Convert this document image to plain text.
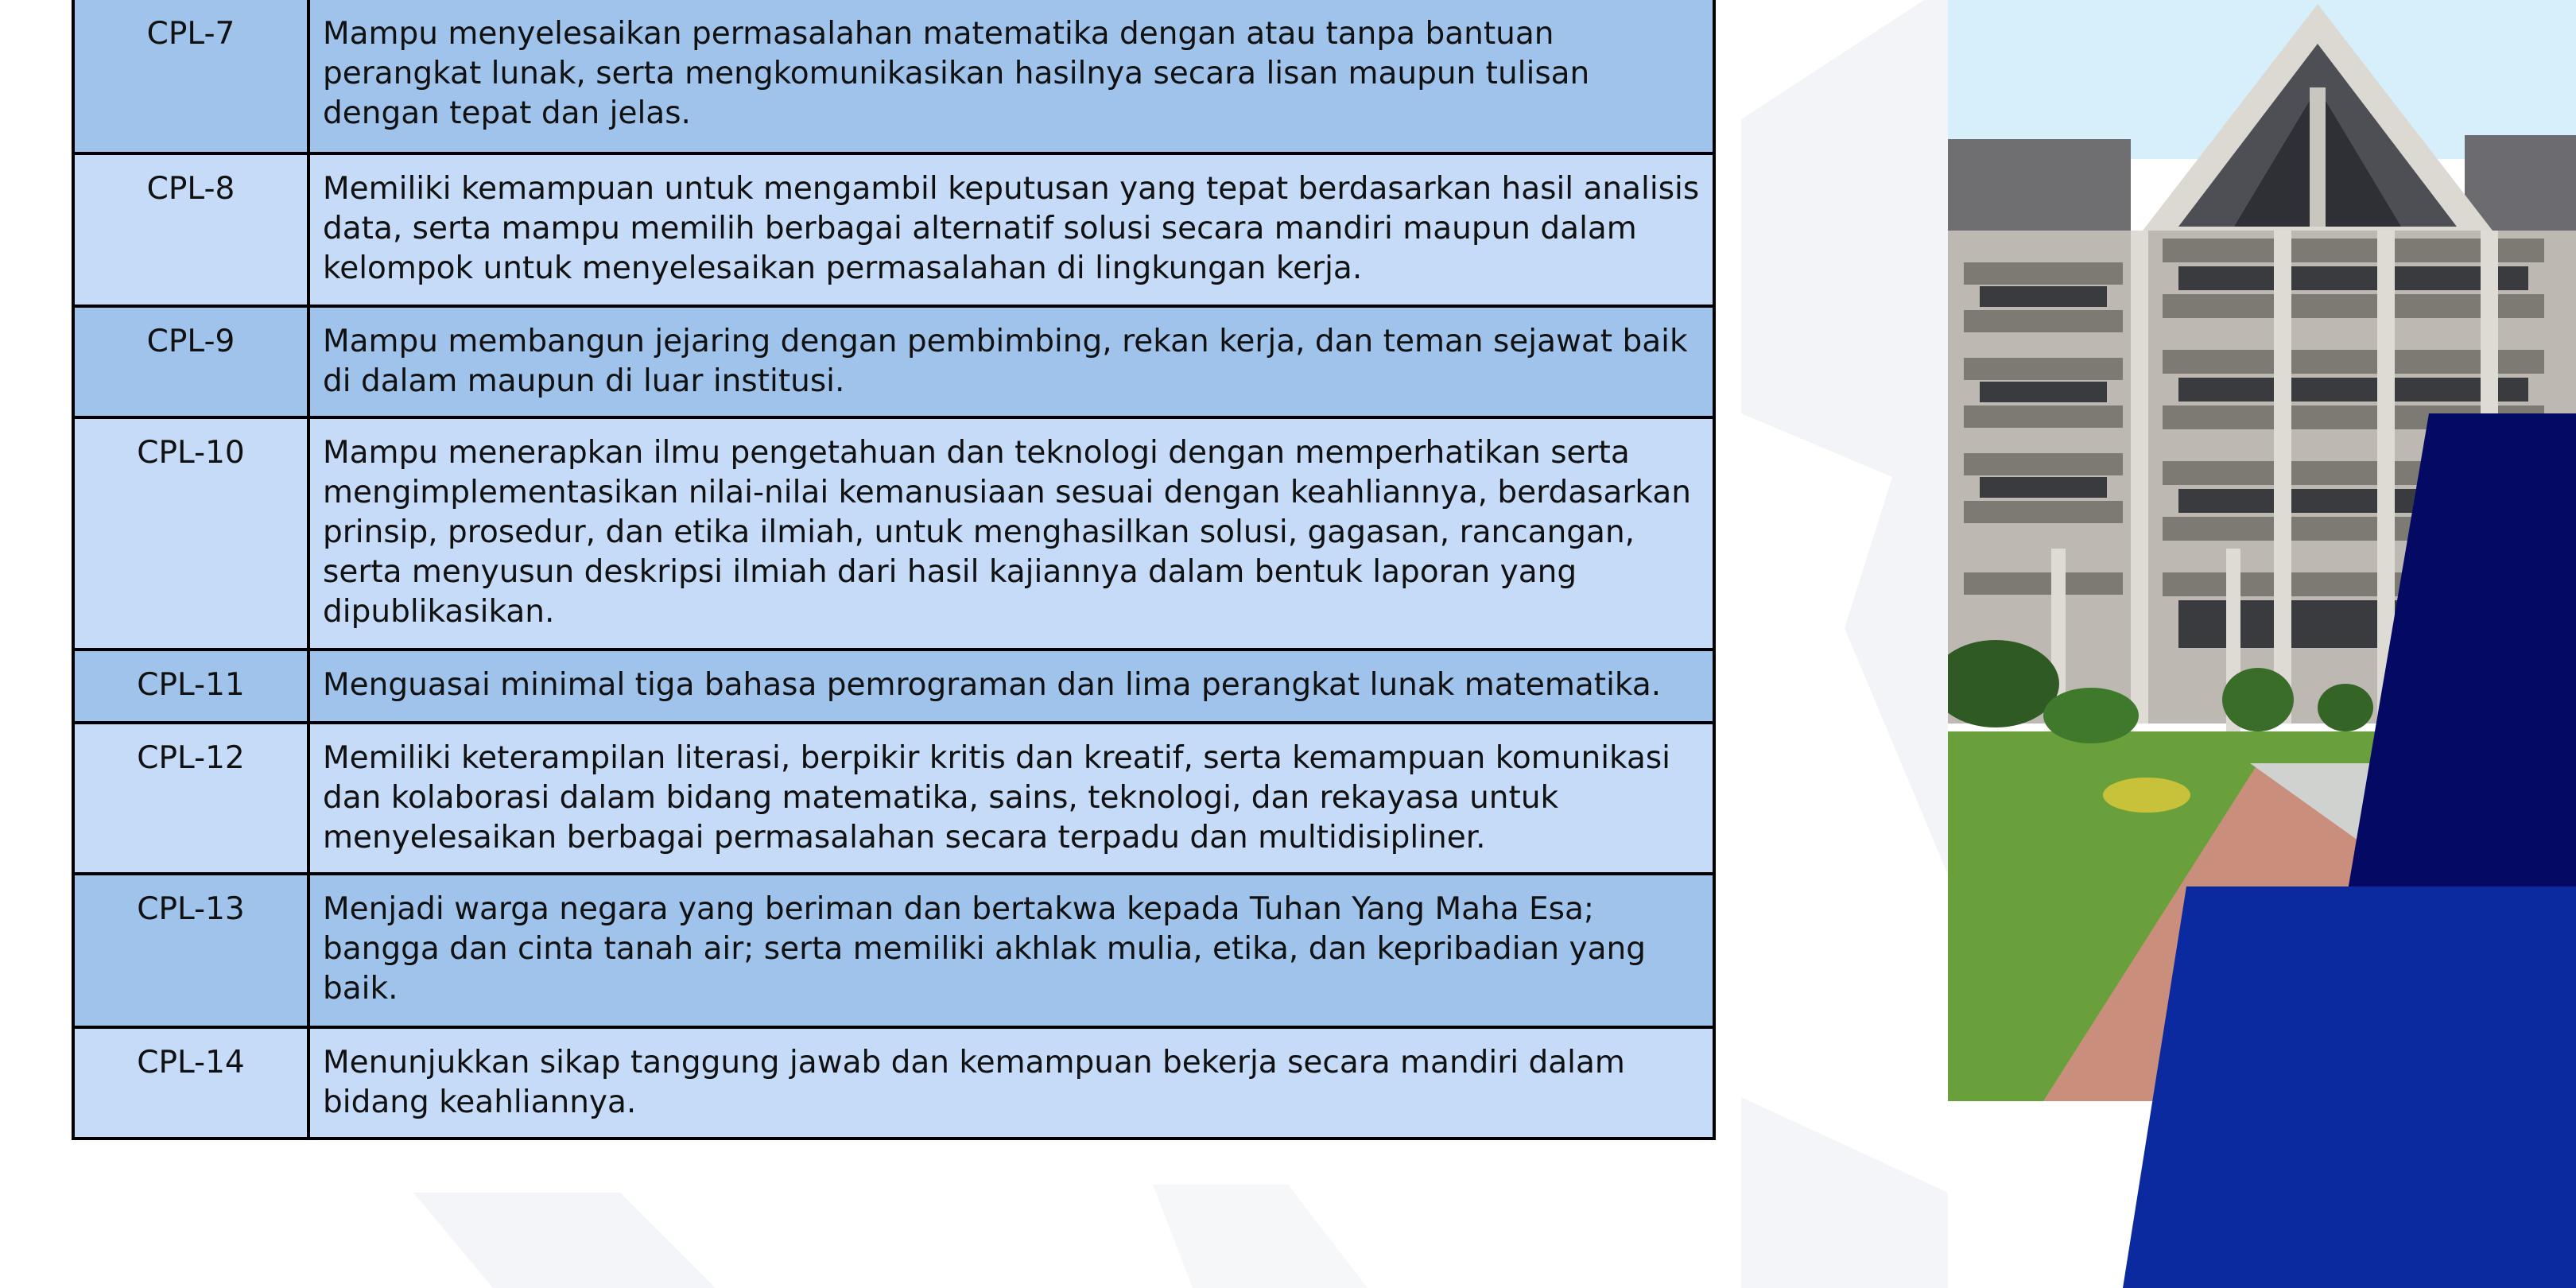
CPL-7	Mampu menyelesaikan permasalahan matematika dengan atau tanpa bantuan perangkat lunak, serta mengkomunikasikan hasilnya secara lisan maupun tulisan dengan tepat dan jelas.
CPL-8	Memiliki kemampuan untuk mengambil keputusan yang tepat berdasarkan hasil analisis data, serta mampu memilih berbagai alternatif solusi secara mandiri maupun dalam kelompok untuk menyelesaikan permasalahan di lingkungan kerja.
CPL-9	Mampu membangun jejaring dengan pembimbing, rekan kerja, dan teman sejawat baik di dalam maupun di luar institusi.
CPL-10	Mampu menerapkan ilmu pengetahuan dan teknologi dengan memperhatikan serta mengimplementasikan nilai-nilai kemanusiaan sesuai dengan keahliannya, berdasarkan prinsip, prosedur, dan etika ilmiah, untuk menghasilkan solusi, gagasan, rancangan, serta menyusun deskripsi ilmiah dari hasil kajiannya dalam bentuk laporan yang dipublikasikan.
CPL-11	Menguasai minimal tiga bahasa pemrograman dan lima perangkat lunak matematika.
CPL-12	Memiliki keterampilan literasi, berpikir kritis dan kreatif, serta kemampuan komunikasi dan kolaborasi dalam bidang matematika, sains, teknologi, dan rekayasa untuk menyelesaikan berbagai permasalahan secara terpadu dan multidisipliner.
CPL-13	Menjadi warga negara yang beriman dan bertakwa kepada Tuhan Yang Maha Esa; bangga dan cinta tanah air; serta memiliki akhlak mulia, etika, dan kepribadian yang baik.
CPL-14	Menunjukkan sikap tanggung jawab dan kemampuan bekerja secara mandiri dalam bidang keahliannya.
